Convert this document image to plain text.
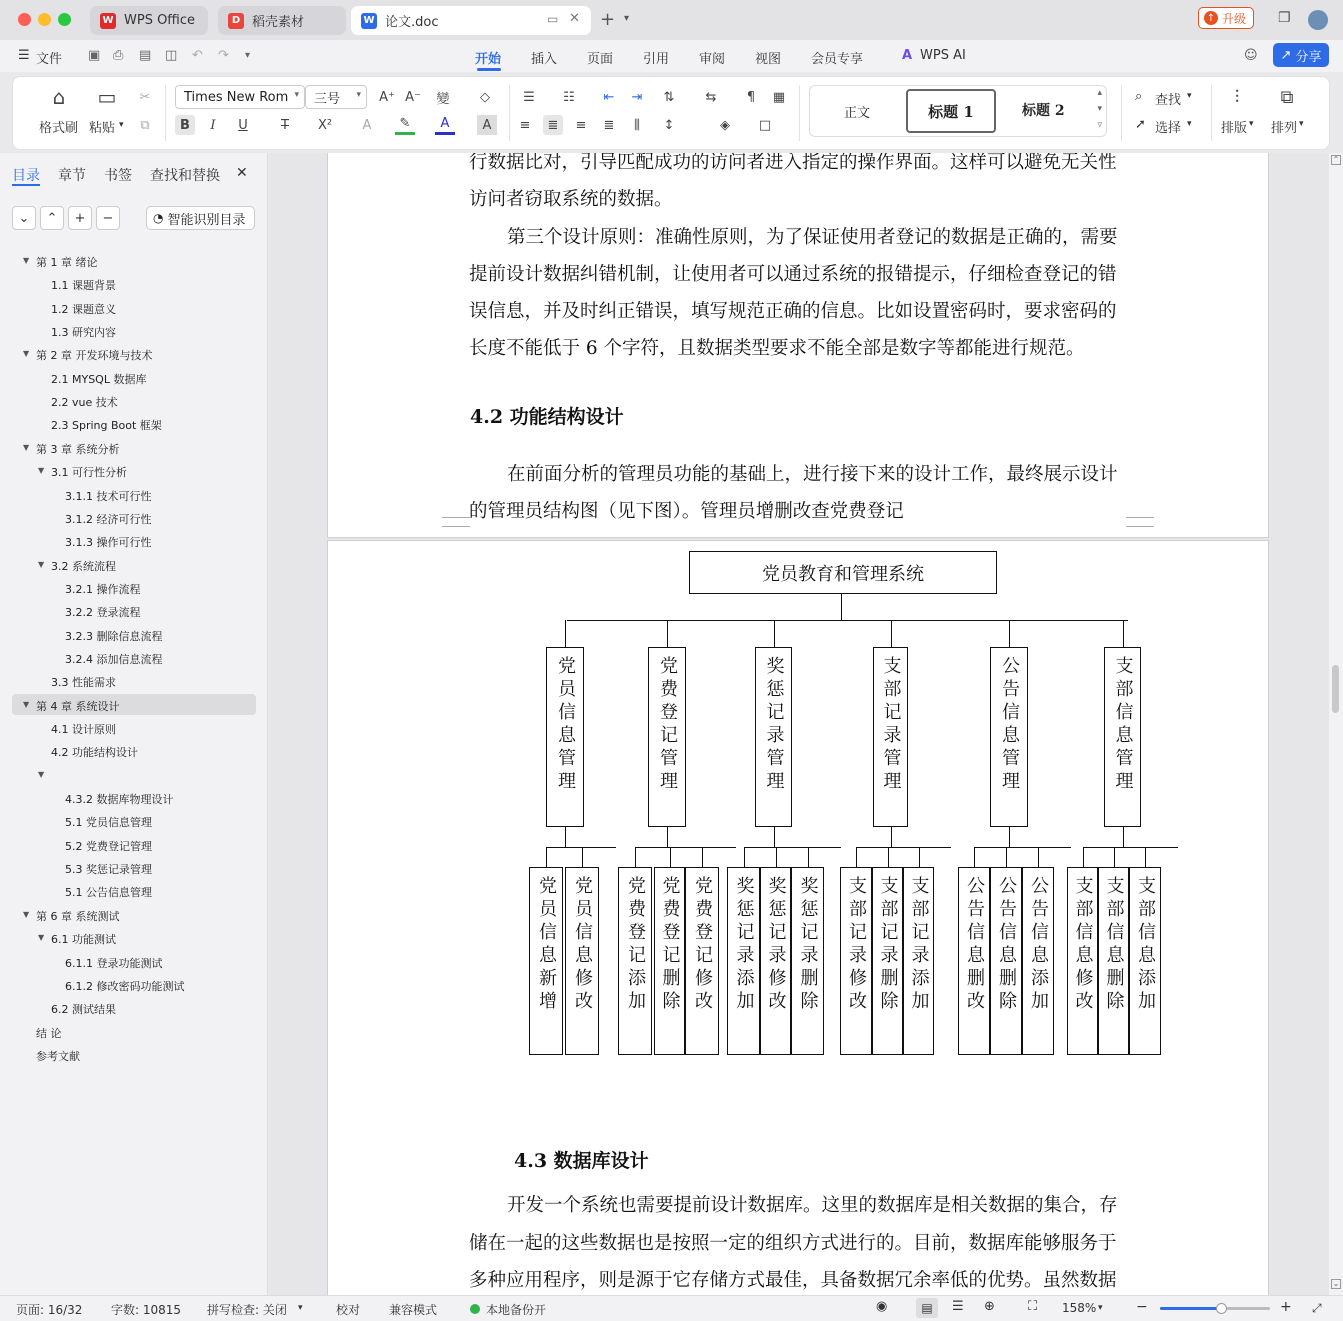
W WPS Office	D 稻壳素材	W 论文.doc	▭ ✕ + ▾	↑ 升级 ❐
☰ 文件 ▣ ⎙ ▤ ◫ ↶ ↷ ▾	开始 插入 页面 引用 审阅 视图 会员专享	A WPS AI	☺ ↗ 分享
⌂
格式刷
▭
粘贴 ▾
✂
⧉
Times New Rom ▾ 三号 ▾ A⁺ A⁻ 變	◇
B	I	U	T	X²	A	✎	A	A
☰	☷	⇤	⇥	⇅	⇆	¶	▦
≡	≣	≡	≣	⫼	↕	◈	□
正文	标题 1	标题 2
▴
▾
▿
⌕ 查找 ▾
➚ 选择 ▾
⫶
排版 ▾
⧉
排列 ▾
目录 章节 书签 查找和替换 ✕
⌄	⌃	+	−	◔ 智能识别目录
▼ 第 1 章 绪论
1.1 课题背景
1.2 课题意义
1.3 研究内容
▼ 第 2 章 开发环境与技术
2.1 MYSQL 数据库
2.2 vue 技术
2.3 Spring Boot 框架
▼ 第 3 章 系统分析
▼ 3.1 可行性分析
3.1.1 技术可行性
3.1.2 经济可行性
3.1.3 操作可行性
▼ 3.2 系统流程
3.2.1 操作流程
3.2.2 登录流程
3.2.3 删除信息流程
3.2.4 添加信息流程
3.3 性能需求
▼ 第 4 章 系统设计
4.1 设计原则
4.2 功能结构设计
▼
4.3.2 数据库物理设计
5.1 党员信息管理
5.2 党费登记管理
5.3 奖惩记录管理
5.1 公告信息管理
▼ 第 6 章 系统测试
▼ 6.1 功能测试
6.1.1 登录功能测试
6.1.2 修改密码功能测试
6.2 测试结果
结 论
参考文献
行数据比对，引导匹配成功的访问者进入指定的操作界面。这样可以避免无关性
访问者窃取系统的数据。
第三个设计原则：准确性原则，为了保证使用者登记的数据是正确的，需要
提前设计数据纠错机制，让使用者可以通过系统的报错提示，仔细检查登记的错
误信息，并及时纠正错误，填写规范正确的信息。比如设置密码时，要求密码的
长度不能低于 6 个字符，且数据类型要求不能全部是数字等都能进行规范。
4.2 功能结构设计
在前面分析的管理员功能的基础上，进行接下来的设计工作，最终展示设计
的管理员结构图（见下图）。管理员增删改查党费登记
党员教育和管理系统
党员信息管理
党员信息新增 党员信息修改
党费登记管理
党费登记添加 党费登记删除 党费登记修改
奖惩记录管理
奖惩记录添加 奖惩记录修改 奖惩记录删除
支部记录管理
支部记录修改 支部记录删除 支部记录添加
公告信息管理
公告信息删改 公告信息删除 公告信息添加
支部信息管理
支部信息修改 支部信息删除 支部信息添加
4.3 数据库设计
开发一个系统也需要提前设计数据库。这里的数据库是相关数据的集合，存
储在一起的这些数据也是按照一定的组织方式进行的。目前，数据库能够服务于
多种应用程序，则是源于它存储方式最佳，具备数据冗余率低的优势。虽然数据
⌃
⌄
页面: 16/32 字数: 10815 拼写检查: 关闭 ▾	校对 兼容模式	本地备份开	◉	▤	☰ ⊕	⛶ 158% ▾ −	+ ⤢
